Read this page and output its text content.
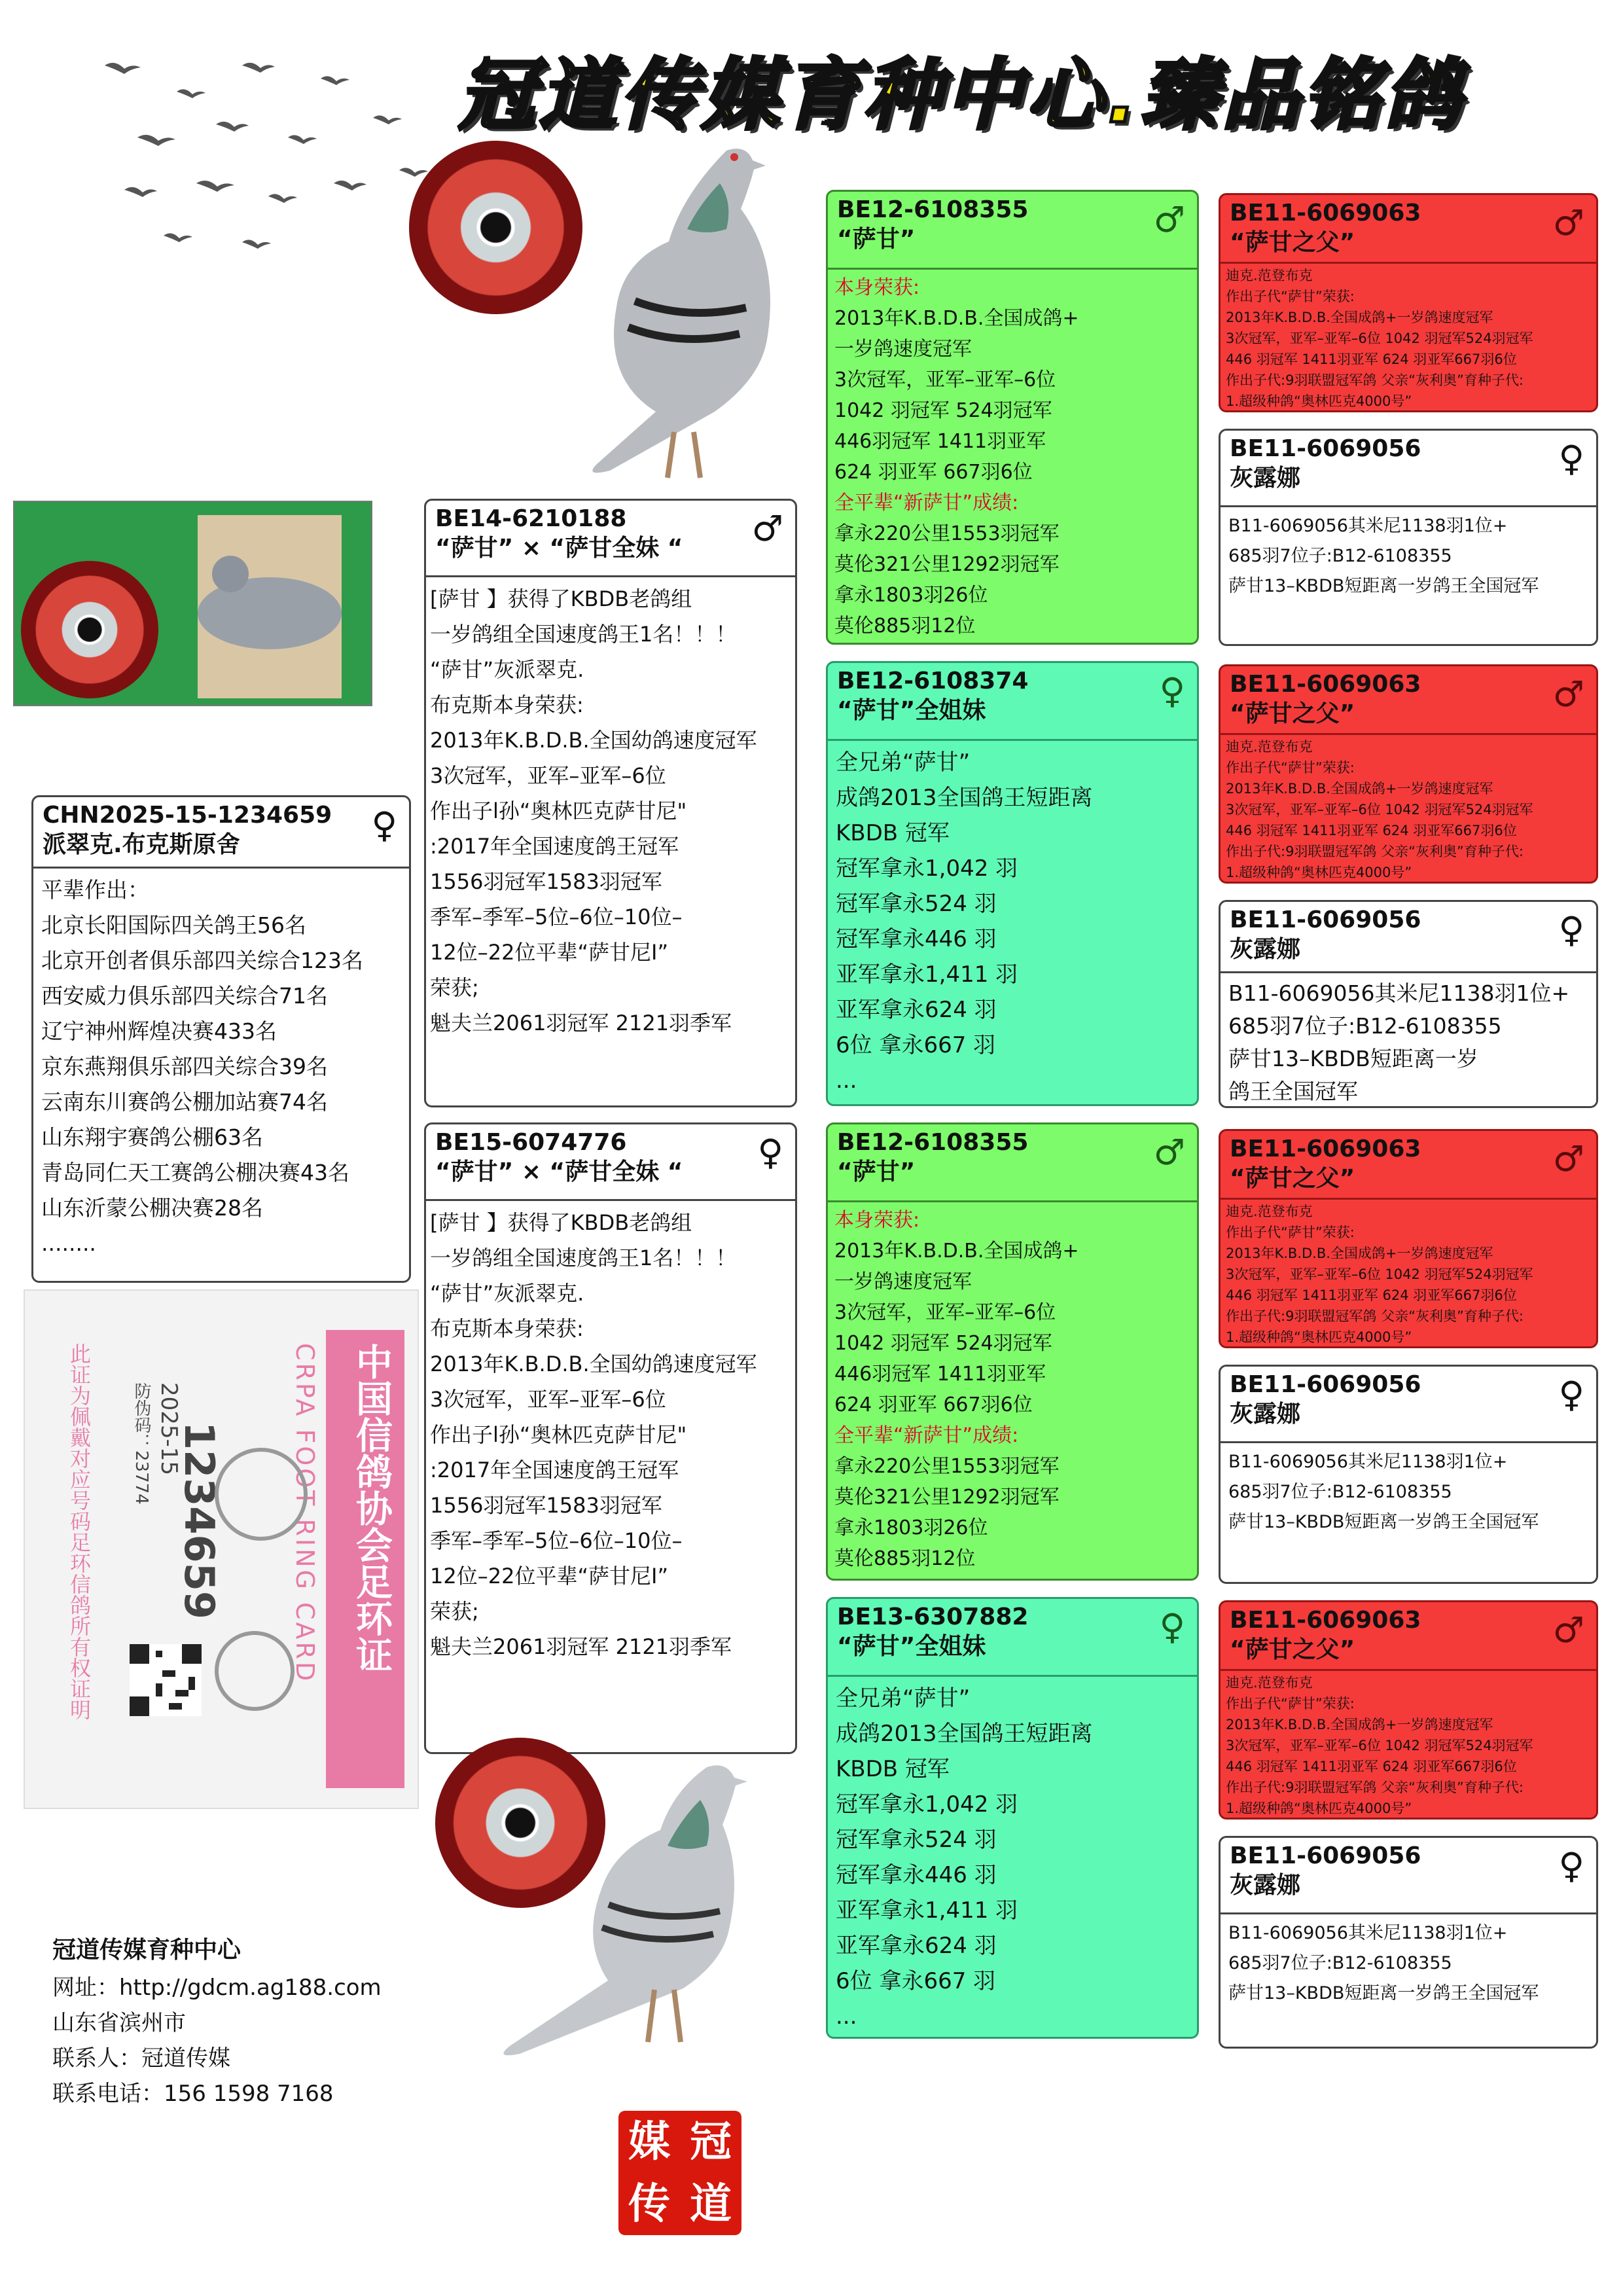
冠道传媒育种中心.臻品铭鸽
CHN2025-15-1234659
派翠克.布克斯原舍	♀
平辈作出：
北京长阳国际四关鸽王56名
北京开创者俱乐部四关综合123名
西安威力俱乐部四关综合71名
辽宁神州辉煌决赛433名
京东燕翔俱乐部四关综合39名
云南东川赛鸽公棚加站赛74名
山东翔宇赛鸽公棚63名
青岛同仁天工赛鸽公棚决赛43名
山东沂蒙公棚决赛28名
........
BE14-6210188
“萨甘” × “萨甘全妹 “	♂
[萨甘 】获得了KBDB老鸽组
一岁鸽组全国速度鸽王1名！！！
“萨甘”灰派翠克.
布克斯本身荣获:
2013年K.B.D.B.全国幼鸽速度冠军
3次冠军，亚军–亚军–6位
作出子l孙“奥林匹克萨甘尼"
:2017年全国速度鸽王冠军
1556羽冠军1583羽冠军
季军–季军–5位–6位–10位–
12位–22位平辈“萨甘尼Ⅰ”
荣获;
魁夫兰2061羽冠军 2121羽季军
BE15-6074776
“萨甘” × “萨甘全妹 “	♀
[萨甘 】获得了KBDB老鸽组
一岁鸽组全国速度鸽王1名！！！
“萨甘”灰派翠克.
布克斯本身荣获:
2013年K.B.D.B.全国幼鸽速度冠军
3次冠军，亚军–亚军–6位
作出子l孙“奥林匹克萨甘尼"
:2017年全国速度鸽王冠军
1556羽冠军1583羽冠军
季军–季军–5位–6位–10位–
12位–22位平辈“萨甘尼Ⅰ”
荣获;
魁夫兰2061羽冠军 2121羽季军
中国信鸽协会足环证
CRPA FOOT RING CARD
2025-15
防伪码：23774 1234659
此证为佩戴对应号码足环信鸽所有权证明
冠道传媒育种中心
网址：http://gdcm.ag188.com
山东省滨州市
联系人：冠道传媒
联系电话：156 1598 7168
媒 冠
传 道
BE12-6108355
“萨甘”	♂
本身荣获:
2013年K.B.D.B.全国成鸽+
一岁鸽速度冠军
3次冠军，亚军–亚军–6位
1042 羽冠军 524羽冠军
446羽冠军 1411羽亚军
624 羽亚军 667羽6位
全平辈“新萨甘”成绩:
拿永220公里1553羽冠军
莫伦321公里1292羽冠军
拿永1803羽26位
莫伦885羽12位
BE12-6108374
“萨甘”全姐妹	♀
全兄弟“萨甘”
成鸽2013全国鸽王短距离
KBDB 冠军
冠军拿永1,042 羽
冠军拿永524 羽
冠军拿永446 羽
亚军拿永1,411 羽
亚军拿永624 羽
6位 拿永667 羽
...
BE12-6108355
“萨甘”	♂
本身荣获:
2013年K.B.D.B.全国成鸽+
一岁鸽速度冠军
3次冠军，亚军–亚军–6位
1042 羽冠军 524羽冠军
446羽冠军 1411羽亚军
624 羽亚军 667羽6位
全平辈“新萨甘”成绩:
拿永220公里1553羽冠军
莫伦321公里1292羽冠军
拿永1803羽26位
莫伦885羽12位
BE13-6307882
“萨甘”全姐妹	♀
全兄弟“萨甘”
成鸽2013全国鸽王短距离
KBDB 冠军
冠军拿永1,042 羽
冠军拿永524 羽
冠军拿永446 羽
亚军拿永1,411 羽
亚军拿永624 羽
6位 拿永667 羽
...
BE11-6069063
“萨甘之父”	♂
迪克.范登布克
作出子代“萨甘”荣获:
2013年K.B.D.B.全国成鸽+一岁鸽速度冠军
3次冠军，亚军–亚军–6位 1042 羽冠军524羽冠军
446 羽冠军 1411羽亚军 624 羽亚军667羽6位
作出子代:9羽联盟冠军鸽 父亲“灰利奥”育种子代:
1.超级种鸽“奥林匹克4000号”
BE11-6069056
灰露娜	♀
B11-6069056其米尼1138羽1位+
685羽7位子:B12-6108355
萨甘13–KBDB短距离一岁鸽王全国冠军
BE11-6069063
“萨甘之父”	♂
迪克.范登布克
作出子代“萨甘”荣获:
2013年K.B.D.B.全国成鸽+一岁鸽速度冠军
3次冠军，亚军–亚军–6位 1042 羽冠军524羽冠军
446 羽冠军 1411羽亚军 624 羽亚军667羽6位
作出子代:9羽联盟冠军鸽 父亲“灰利奥”育种子代:
1.超级种鸽“奥林匹克4000号”
BE11-6069056
灰露娜	♀
B11-6069056其米尼1138羽1位+
685羽7位子:B12-6108355
萨甘13–KBDB短距离一岁
鸽王全国冠军
BE11-6069063
“萨甘之父”	♂
迪克.范登布克
作出子代“萨甘”荣获:
2013年K.B.D.B.全国成鸽+一岁鸽速度冠军
3次冠军，亚军–亚军–6位 1042 羽冠军524羽冠军
446 羽冠军 1411羽亚军 624 羽亚军667羽6位
作出子代:9羽联盟冠军鸽 父亲“灰利奥”育种子代:
1.超级种鸽“奥林匹克4000号”
BE11-6069056
灰露娜	♀
B11-6069056其米尼1138羽1位+
685羽7位子:B12-6108355
萨甘13–KBDB短距离一岁鸽王全国冠军
BE11-6069063
“萨甘之父”	♂
迪克.范登布克
作出子代“萨甘”荣获:
2013年K.B.D.B.全国成鸽+一岁鸽速度冠军
3次冠军，亚军–亚军–6位 1042 羽冠军524羽冠军
446 羽冠军 1411羽亚军 624 羽亚军667羽6位
作出子代:9羽联盟冠军鸽 父亲“灰利奥”育种子代:
1.超级种鸽“奥林匹克4000号”
BE11-6069056
灰露娜	♀
B11-6069056其米尼1138羽1位+
685羽7位子:B12-6108355
萨甘13–KBDB短距离一岁鸽王全国冠军
